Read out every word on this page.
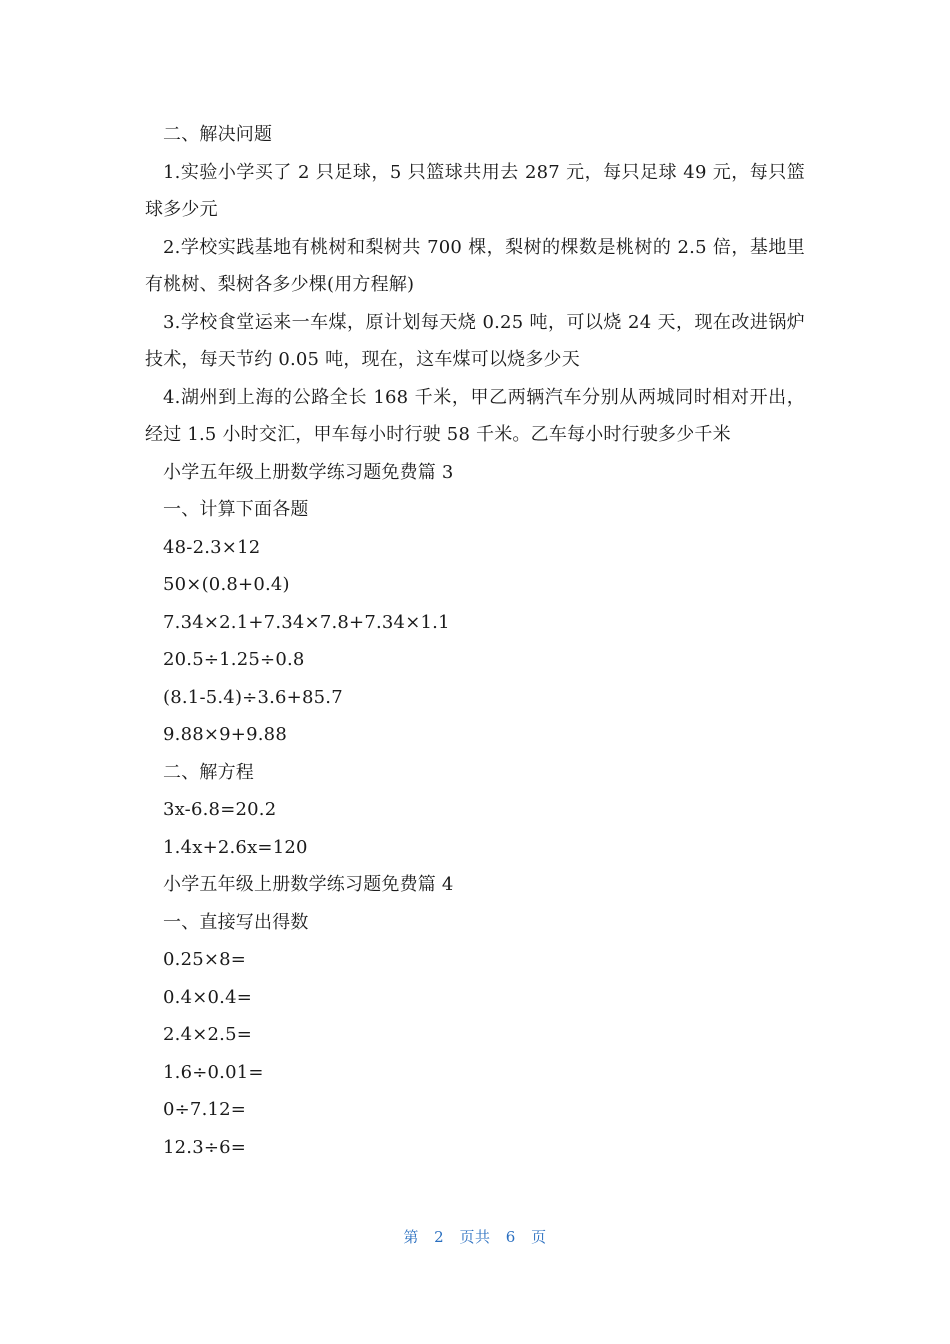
二、解决问题

1.实验小学买了 2 只足球，5 只篮球共用去 287 元，每只足球 49 元，每只篮球多少元

2.学校实践基地有桃树和梨树共 700 棵，梨树的棵数是桃树的 2.5 倍，基地里有桃树、梨树各多少棵(用方程解)

3.学校食堂运来一车煤，原计划每天烧 0.25 吨，可以烧 24 天，现在改进锅炉技术，每天节约 0.05 吨，现在，这车煤可以烧多少天

4.湖州到上海的公路全长 168 千米，甲乙两辆汽车分别从两城同时相对开出，经过 1.5 小时交汇，甲车每小时行驶 58 千米。乙车每小时行驶多少千米

小学五年级上册数学练习题免费篇 3
一、计算下面各题
48-2.3×12
50×(0.8+0.4)
7.34×2.1+7.34×7.8+7.34×1.1
20.5÷1.25÷0.8
(8.1-5.4)÷3.6+85.7
9.88×9+9.88
二、解方程
3x-6.8=20.2
1.4x+2.6x=120
小学五年级上册数学练习题免费篇 4
一、直接写出得数
0.25×8=
0.4×0.4=
2.4×2.5=
1.6÷0.01=
0÷7.12=
12.3÷6=
第 2 页共 6 页
